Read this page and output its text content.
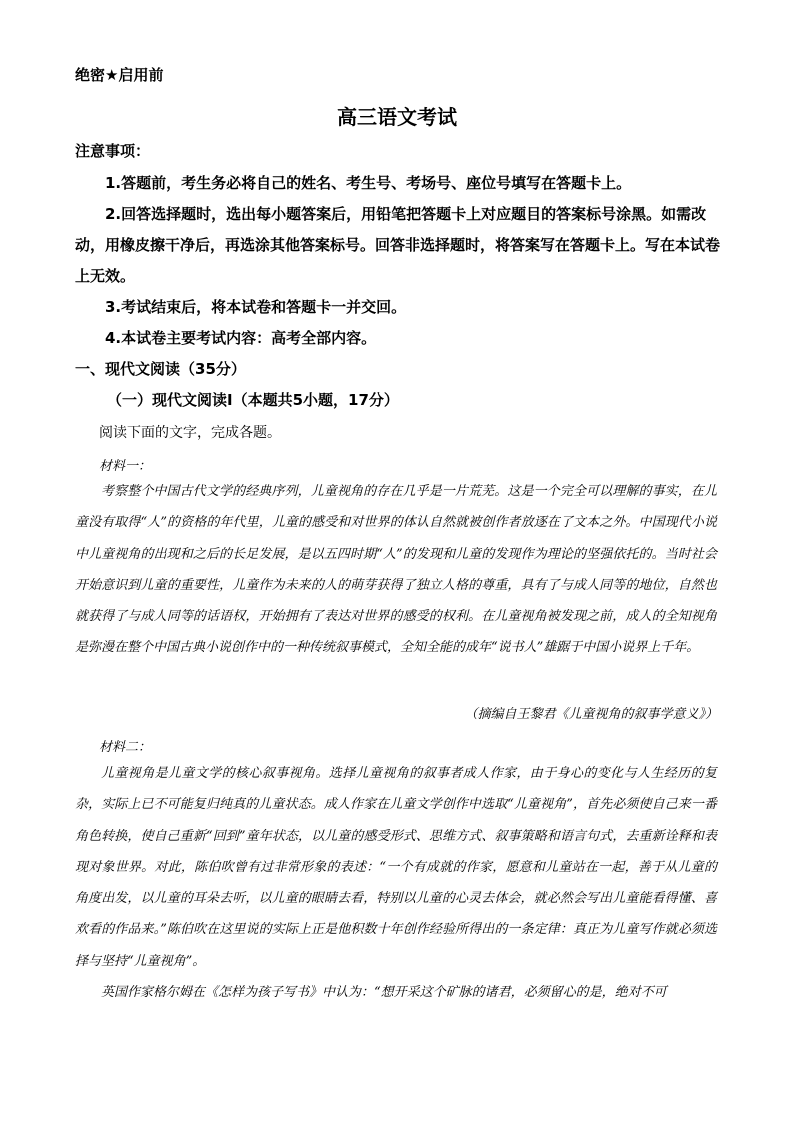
绝密★启用前
高三语文考试
注意事项：

1.答题前，考生务必将自己的姓名、考生号、考场号、座位号填写在答题卡上。

2.回答选择题时，选出每小题答案后，用铅笔把答题卡上对应题目的答案标号涂黑。如需改动，用橡皮擦干净后，再选涂其他答案标号。回答非选择题时，将答案写在答题卡上。写在本试卷上无效。

3.考试结束后，将本试卷和答题卡一并交回。

4.本试卷主要考试内容：高考全部内容。

一、现代文阅读（35分）
（一）现代文阅读Ⅰ（本题共5小题，17分）
阅读下面的文字，完成各题。
材料一：

考察整个中国古代文学的经典序列，儿童视角的存在几乎是一片荒芜。这是一个完全可以理解的事实，在儿童没有取得“人”的资格的年代里，儿童的感受和对世界的体认自然就被创作者放逐在了文本之外。中国现代小说中儿童视角的出现和之后的长足发展，是以五四时期“人”的发现和儿童的发现作为理论的坚强依托的。当时社会开始意识到儿童的重要性，儿童作为未来的人的萌芽获得了独立人格的尊重，具有了与成人同等的地位，自然也就获得了与成人同等的话语权，开始拥有了表达对世界的感受的权利。在儿童视角被发现之前，成人的全知视角是弥漫在整个中国古典小说创作中的一种传统叙事模式，全知全能的成年“说书人”雄踞于中国小说界上千年。

（摘编自王黎君《儿童视角的叙事学意义》）
材料二：

儿童视角是儿童文学的核心叙事视角。选择儿童视角的叙事者成人作家，由于身心的变化与人生经历的复杂，实际上已不可能复归纯真的儿童状态。成人作家在儿童文学创作中选取“儿童视角”，首先必须使自己来一番角色转换，使自己重新“回到”童年状态，以儿童的感受形式、思维方式、叙事策略和语言句式，去重新诠释和表现对象世界。对此，陈伯吹曾有过非常形象的表述：“一个有成就的作家，愿意和儿童站在一起，善于从儿童的角度出发，以儿童的耳朵去听，以儿童的眼睛去看，特别以儿童的心灵去体会，就必然会写出儿童能看得懂、喜欢看的作品来。”陈伯吹在这里说的实际上正是他积数十年创作经验所得出的一条定律：真正为儿童写作就必须选择与坚持“儿童视角”。

英国作家格尔姆在《怎样为孩子写书》中认为：“想开采这个矿脉的诸君，必须留心的是，绝对不可
